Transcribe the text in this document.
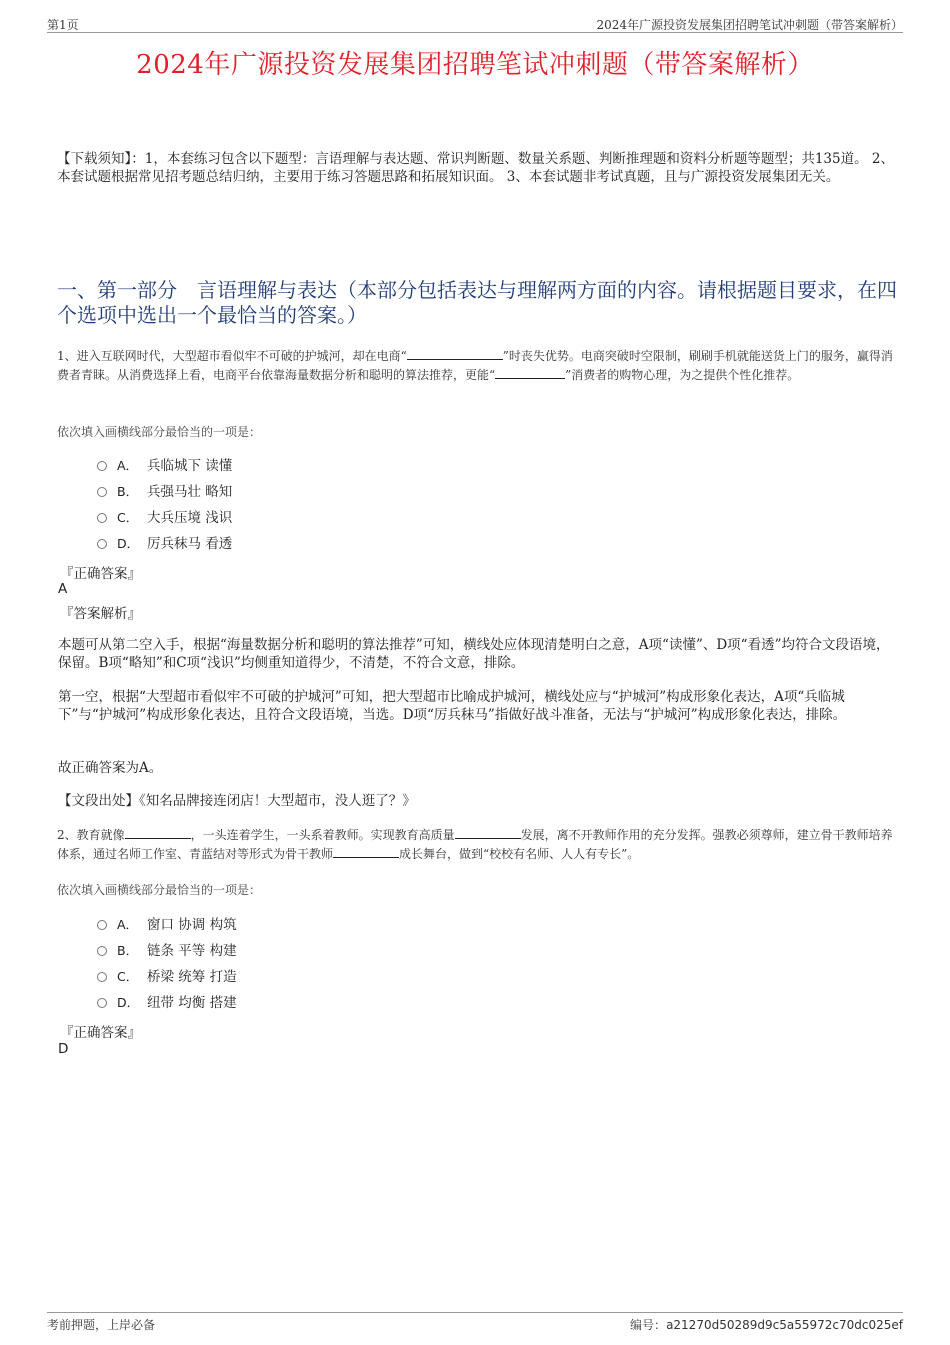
第1页	2024年广源投资发展集团招聘笔试冲刺题（带答案解析）
2024年广源投资发展集团招聘笔试冲刺题（带答案解析）
【下载须知】：1，本套练习包含以下题型：言语理解与表达题、常识判断题、数量关系题、判断推理题和资料分析题等题型；共135道。 2、本套试题根据常见招考题总结归纳，主要用于练习答题思路和拓展知识面。 3、本套试题非考试真题，且与广源投资发展集团无关。
一、第一部分　言语理解与表达（本部分包括表达与理解两方面的内容。请根据题目要求，在四个选项中选出一个最恰当的答案。）
1、进入互联网时代，大型超市看似牢不可破的护城河，却在电商“	”时丧失优势。电商突破时空限制，刷刷手机就能送货上门的服务，赢得消费者青睐。从消费选择上看，电商平台依靠海量数据分析和聪明的算法推荐，更能“	”消费者的购物心理，为之提供个性化推荐。
依次填入画横线部分最恰当的一项是：
A． 兵临城下 读懂
B． 兵强马壮 略知
C． 大兵压境 浅识
D． 厉兵秣马 看透
『正确答案』
A
『答案解析』
本题可从第二空入手，根据“海量数据分析和聪明的算法推荐”可知，横线处应体现清楚明白之意，A项“读懂”、D项“看透”均符合文段语境，保留。B项“略知”和C项“浅识”均侧重知道得少，不清楚，不符合文意，排除。
第一空，根据“大型超市看似牢不可破的护城河”可知，把大型超市比喻成护城河，横线处应与“护城河”构成形象化表达，A项“兵临城下”与“护城河”构成形象化表达，且符合文段语境，当选。D项“厉兵秣马”指做好战斗准备，无法与“护城河”构成形象化表达，排除。
故正确答案为A。
【文段出处】《知名品牌接连闭店！大型超市，没人逛了？》
2、教育就像	，一头连着学生，一头系着教师。实现教育高质量	发展，离不开教师作用的充分发挥。强教必须尊师，建立骨干教师培养体系，通过名师工作室、青蓝结对等形式为骨干教师	成长舞台，做到“校校有名师、人人有专长”。
依次填入画横线部分最恰当的一项是：
A． 窗口 协调 构筑
B． 链条 平等 构建
C． 桥梁 统筹 打造
D． 纽带 均衡 搭建
『正确答案』
D
考前押题，上岸必备	编号：a21270d50289d9c5a55972c70dc025ef
